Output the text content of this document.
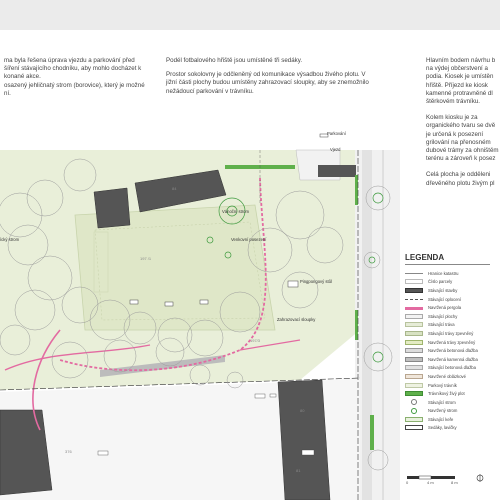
ma byla řešena úprava vjezdu a parkování před
šíření stávajícího chodníku, aby mohlo docházet k
konané akce.
osazený jehličnatý strom (borovice), který je možné
ní.

Podél fotbalového hřiště jsou umístěné tři sedáky.

Prostor sokolovny je odčleněný od komunikace výsadbou živého plotu. V
jižní části plochy budou umístěny zahrazovací sloupky, aby se znemožnilo
nežádoucí parkování v trávníku.
Hlavním bodem návrhu b
na výdej občerstvení a
podia. Kiosek je umístěn
hřiště. Příjezd ke kiosk
kamenné protravněné dl
štěrkovém trávníku.
Kolem kiosku je za
organického tvaru se dvě
je určená k posezení
grilování na přenosném
dubové trámy za ohništěm
terénu a zároveň k posez
Celá plocha je odděleni
dřevěného plotu živým pl
Parkování
Vjezd
Vánoční strom
Venkovní posezení
Pingpongový stůl
Zahrazovací sloupky
ícký strom
84
197 /1
197/3
80
376
81
LEGENDA
Hranice katastru
Číslo parcely
Stávající stavby
Stávající oplocení
Navržená pergola
Stávající plochy
Stávající tráva
Stávající trávy zpevněný
Navržená trávy zpevněný
Navržená betonová dlažba
Navržená kamenná dlažba
Stávající betonová dlažba
Navržené oblázkové
Parkový trávník
Trávníkový živý plot
Stávající strom
Navržený strom
Stávající keře
Sedáky, lavičky
0	4 m	8 m
